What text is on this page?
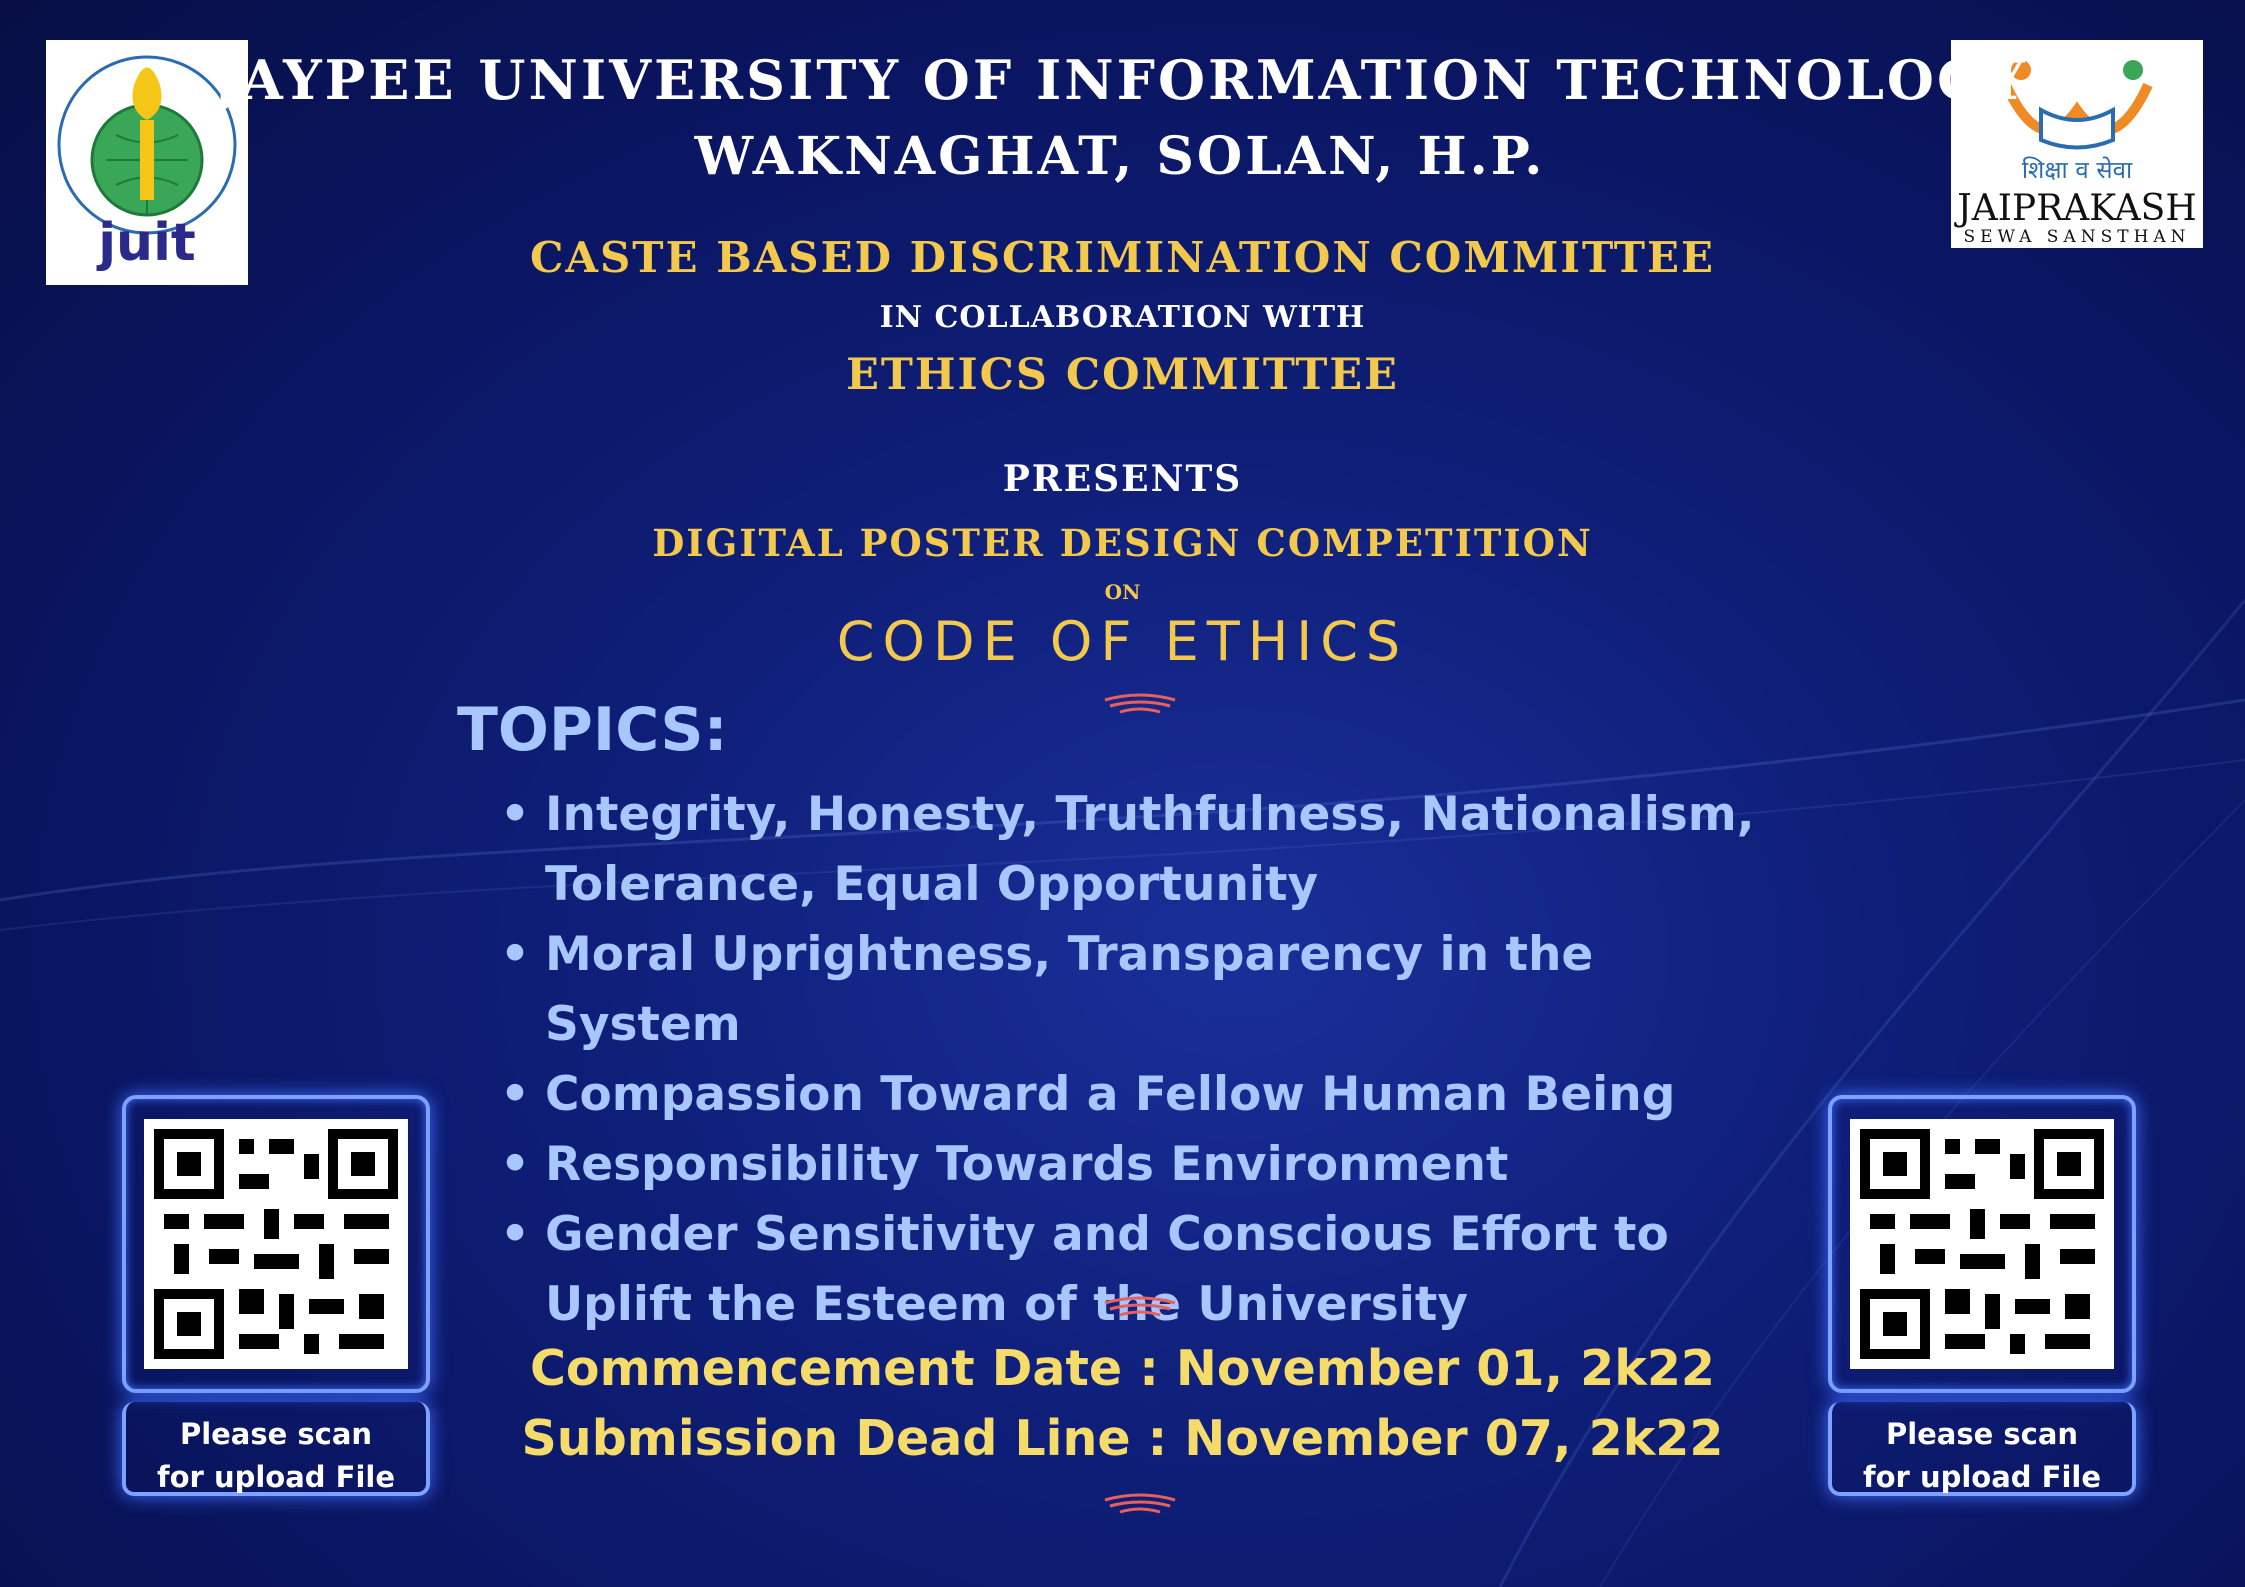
juit
शिक्षा व सेवा
JAIPRAKASH
SEWA SANSTHAN
JAYPEE UNIVERSITY OF INFORMATION TECHNOLOGY
WAKNAGHAT, SOLAN, H.P.
CASTE BASED DISCRIMINATION COMMITTEE
IN COLLABORATION WITH
ETHICS COMMITTEE
PRESENTS
DIGITAL POSTER DESIGN COMPETITION
ON
CODE OF ETHICS
TOPICS:
• Integrity, Honesty, Truthfulness, Nationalism, Tolerance, Equal Opportunity
• Moral Uprightness, Transparency in the System
• Compassion Toward a Fellow Human Being
• Responsibility Towards Environment
• Gender Sensitivity and Conscious Effort to Uplift the Esteem of the University
Commencement Date : November 01, 2k22
Submission Dead Line : November 07, 2k22
Please scan
for upload File
Please scan
for upload File
